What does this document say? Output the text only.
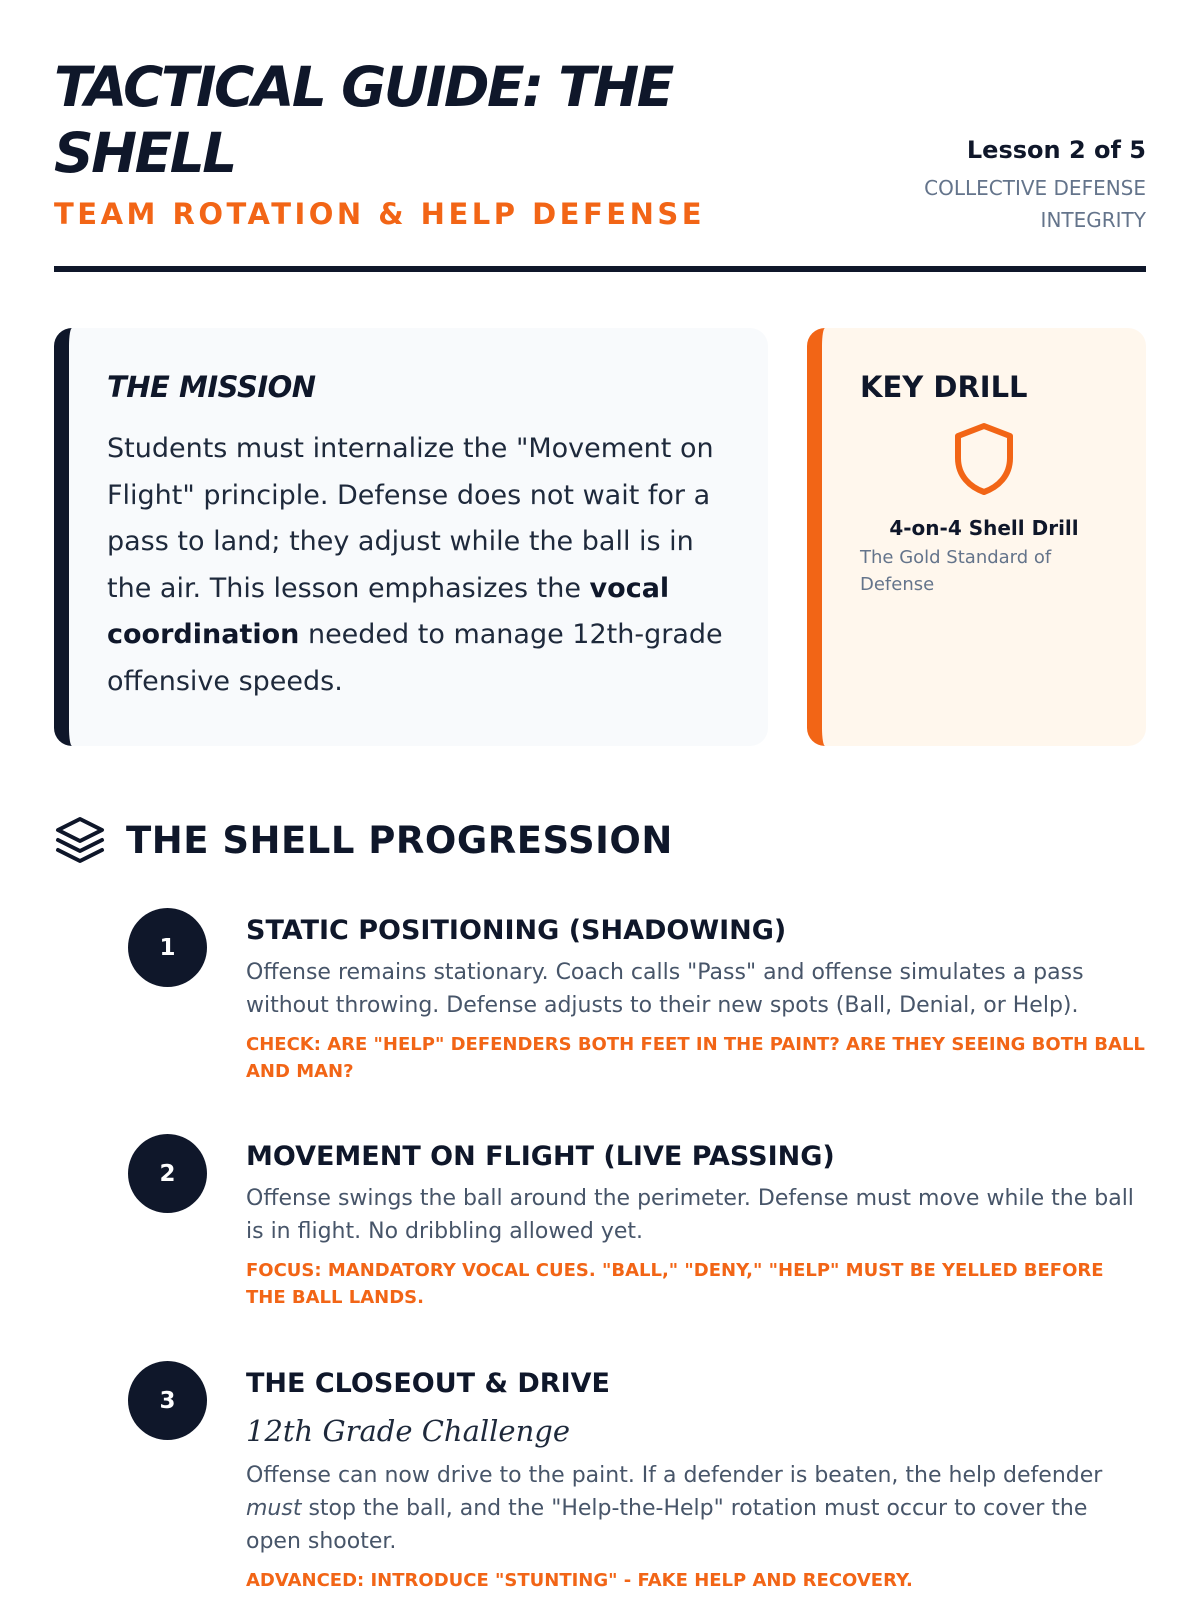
TACTICAL GUIDE: THE SHELL
TEAM ROTATION & HELP DEFENSE
Lesson 2 of 5
COLLECTIVE DEFENSE INTEGRITY
THE MISSION

Students must internalize the "Movement on Flight" principle. Defense does not wait for a pass to land; they adjust while the ball is in the air. This lesson emphasizes the vocal coordination needed to manage 12th-grade offensive speeds.

KEY DRILL
4-on-4 Shell Drill
The Gold Standard of Defense
THE SHELL PROGRESSION
1
STATIC POSITIONING (SHADOWING)

Offense remains stationary. Coach calls "Pass" and offense simulates a pass without throwing. Defense adjusts to their new spots (Ball, Denial, or Help).

CHECK: ARE "HELP" DEFENDERS BOTH FEET IN THE PAINT? ARE THEY SEEING BOTH BALL AND MAN?

2
MOVEMENT ON FLIGHT (LIVE PASSING)

Offense swings the ball around the perimeter. Defense must move while the ball is in flight. No dribbling allowed yet.

FOCUS: MANDATORY VOCAL CUES. "BALL," "DENY," "HELP" MUST BE YELLED BEFORE THE BALL LANDS.

3
THE CLOSEOUT & DRIVE

12th Grade Challenge

Offense can now drive to the paint. If a defender is beaten, the help defender must stop the ball, and the "Help-the-Help" rotation must occur to cover the open shooter.

ADVANCED: INTRODUCE "STUNTING" - FAKE HELP AND RECOVERY.
